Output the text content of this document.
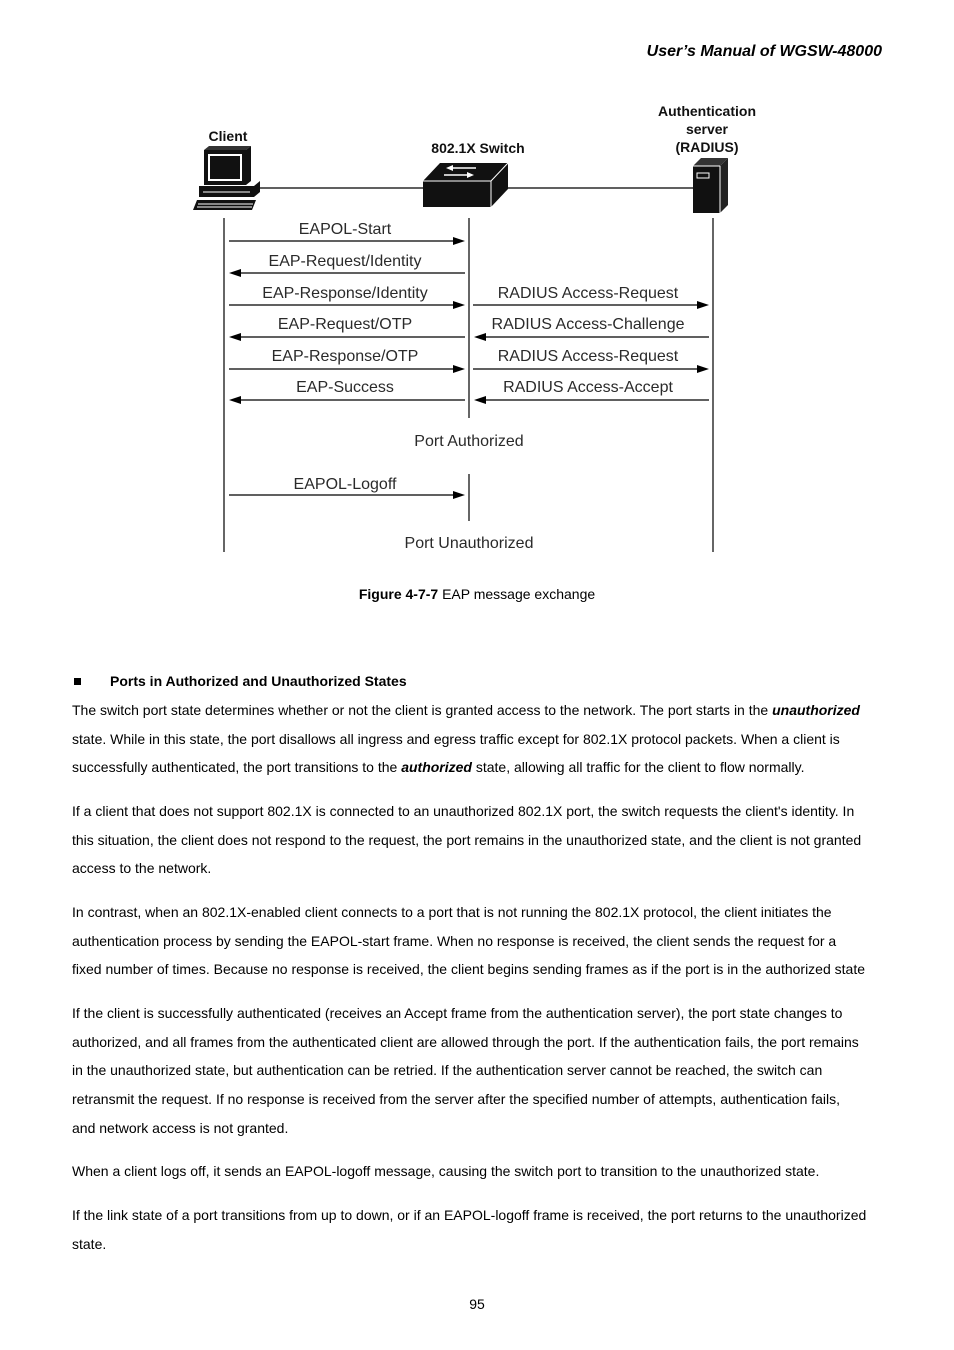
User’s Manual of WGSW-48000
Client
802.1X Switch
Authentication
server
(RADIUS)
EAPOL-Start
EAP-Request/Identity
EAP-Response/Identity
EAP-Request/OTP
EAP-Response/OTP
EAP-Success
RADIUS Access-Request
RADIUS Access-Challenge
RADIUS Access-Request
RADIUS Access-Accept
Port Authorized
EAPOL-Logoff
Port Unauthorized
Figure 4-7-7 EAP message exchange
Ports in Authorized and Unauthorized States
The switch port state determines whether or not the client is granted access to the network. The port starts in the unauthorized
state. While in this state, the port disallows all ingress and egress traffic except for 802.1X protocol packets. When a client is
successfully authenticated, the port transitions to the authorized state, allowing all traffic for the client to flow normally.
If a client that does not support 802.1X is connected to an unauthorized 802.1X port, the switch requests the client's identity. In
this situation, the client does not respond to the request, the port remains in the unauthorized state, and the client is not granted
access to the network.
In contrast, when an 802.1X-enabled client connects to a port that is not running the 802.1X protocol, the client initiates the
authentication process by sending the EAPOL-start frame. When no response is received, the client sends the request for a
fixed number of times. Because no response is received, the client begins sending frames as if the port is in the authorized state
If the client is successfully authenticated (receives an Accept frame from the authentication server), the port state changes to
authorized, and all frames from the authenticated client are allowed through the port. If the authentication fails, the port remains
in the unauthorized state, but authentication can be retried. If the authentication server cannot be reached, the switch can
retransmit the request. If no response is received from the server after the specified number of attempts, authentication fails,
and network access is not granted.
When a client logs off, it sends an EAPOL-logoff message, causing the switch port to transition to the unauthorized state.
If the link state of a port transitions from up to down, or if an EAPOL-logoff frame is received, the port returns to the unauthorized
state.
95
